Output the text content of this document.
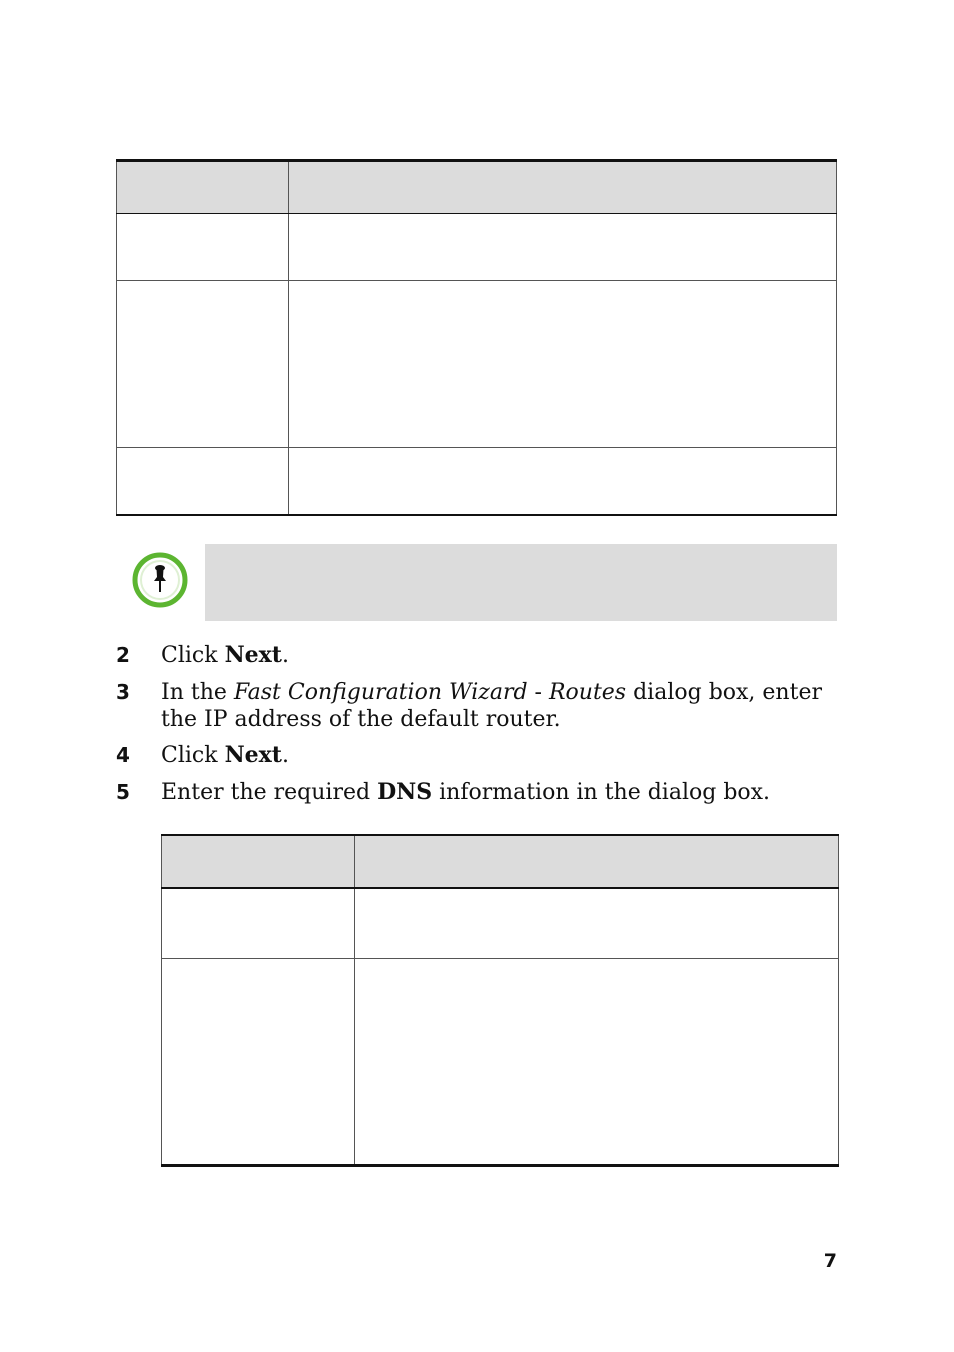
2	Click Next.
3	In the Fast Configuration Wizard - Routes dialog box, enter the IP address of the default router.
4	Click Next.
5	Enter the required DNS information in the dialog box.

7
